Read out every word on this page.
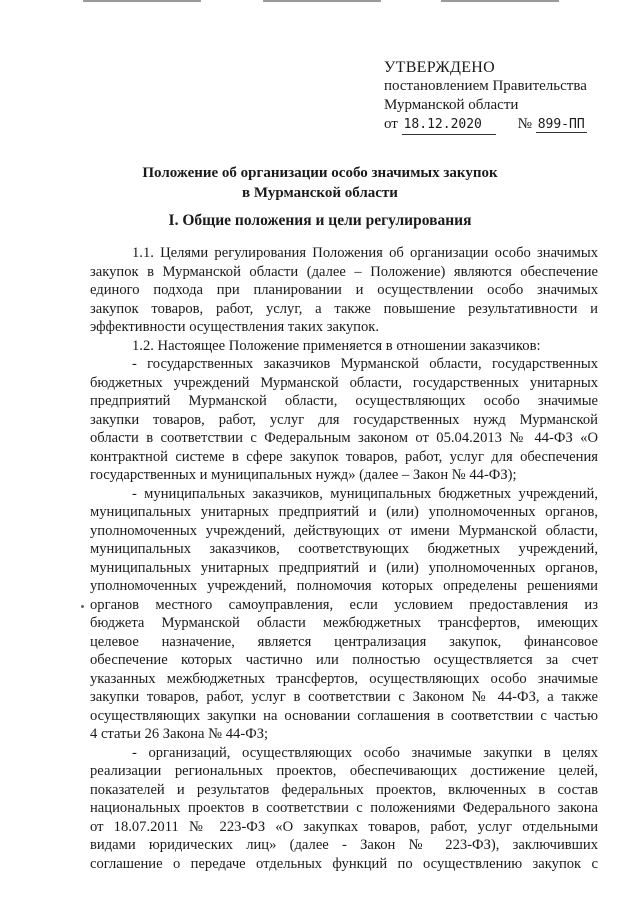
УТВЕРЖДЕНО
постановлением Правительства
Мурманской области
от 18.12.2020 № 899-ПП
Положение об организации особо значимых закупок
в Мурманской области
I. Общие положения и цели регулирования

1.1. Целями регулирования Положения об организации особо значимых

закупок в Мурманской области (далее – Положение) являются обеспечение

единого подхода при планировании и осуществлении особо значимых

закупок товаров, работ, услуг, а также повышение результативности и

эффективности осуществления таких закупок.

1.2. Настоящее Положение применяется в отношении заказчиков:

- государственных заказчиков Мурманской области, государственных

бюджетных учреждений Мурманской области, государственных унитарных

предприятий Мурманской области, осуществляющих особо значимые

закупки товаров, работ, услуг для государственных нужд Мурманской

области в соответствии с Федеральным законом от 05.04.2013 № 44-ФЗ «О

контрактной системе в сфере закупок товаров, работ, услуг для обеспечения

государственных и муниципальных нужд» (далее – Закон № 44-ФЗ);

- муниципальных заказчиков, муниципальных бюджетных учреждений,

муниципальных унитарных предприятий и (или) уполномоченных органов,

уполномоченных учреждений, действующих от имени Мурманской области,

муниципальных заказчиков, соответствующих бюджетных учреждений,

муниципальных унитарных предприятий и (или) уполномоченных органов,

уполномоченных учреждений, полномочия которых определены решениями

органов местного самоуправления, если условием предоставления из

бюджета Мурманской области межбюджетных трансфертов, имеющих

целевое назначение, является централизация закупок, финансовое

обеспечение которых частично или полностью осуществляется за счет

указанных межбюджетных трансфертов, осуществляющих особо значимые

закупки товаров, работ, услуг в соответствии с Законом № 44-ФЗ, а также

осуществляющих закупки на основании соглашения в соответствии с частью

4 статьи 26 Закона № 44-ФЗ;

- организаций, осуществляющих особо значимые закупки в целях

реализации региональных проектов, обеспечивающих достижение целей,

показателей и результатов федеральных проектов, включенных в состав

национальных проектов в соответствии с положениями Федерального закона

от 18.07.2011 № 223-ФЗ «О закупках товаров, работ, услуг отдельными

видами юридических лиц» (далее - Закон № 223-ФЗ), заключивших

соглашение о передаче отдельных функций по осуществлению закупок с
